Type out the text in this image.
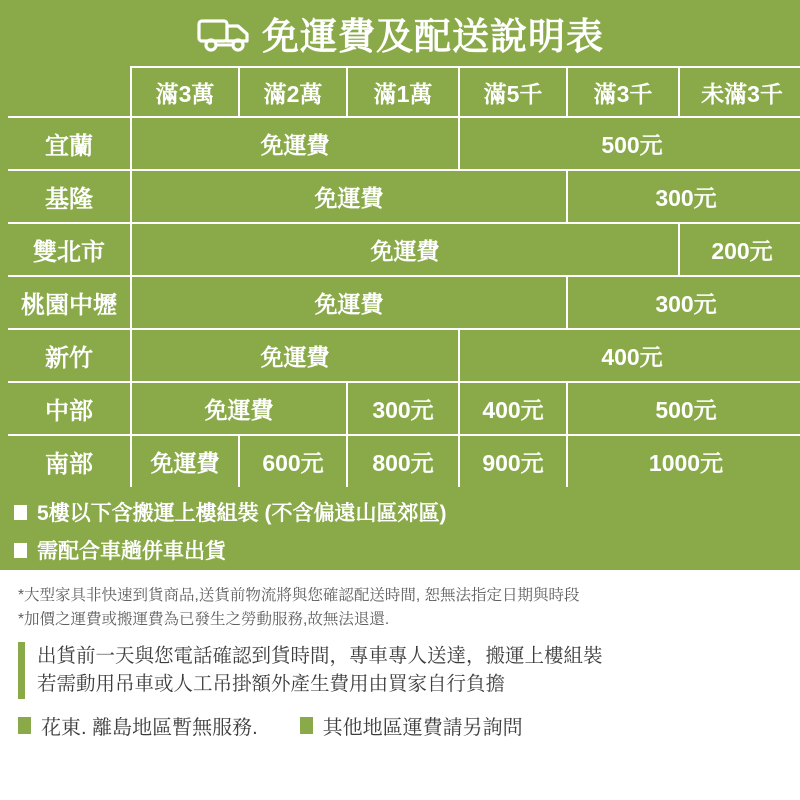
免運費及配送說明表
	滿3萬	滿2萬	滿1萬	滿5千	滿3千	未滿3千
宜蘭	免運費			500元		
基隆	免運費				300元	
雙北市	免運費					200元
桃園中壢	免運費				300元	
新竹	免運費			400元		
中部	免運費		300元	400元	500元	
南部	免運費	600元	800元	900元	1000元	
5樓以下含搬運上樓組裝 (不含偏遠山區郊區)
需配合車趟併車出貨
*大型家具非快速到貨商品,送貨前物流將與您確認配送時間, 恕無法指定日期與時段
*加價之運費或搬運費為已發生之勞動服務,故無法退還.
出貨前一天與您電話確認到貨時間，專車專人送達，搬運上樓組裝
若需動用吊車或人工吊掛額外產生費用由買家自行負擔
花東. 離島地區暫無服務.	其他地區運費請另詢問
